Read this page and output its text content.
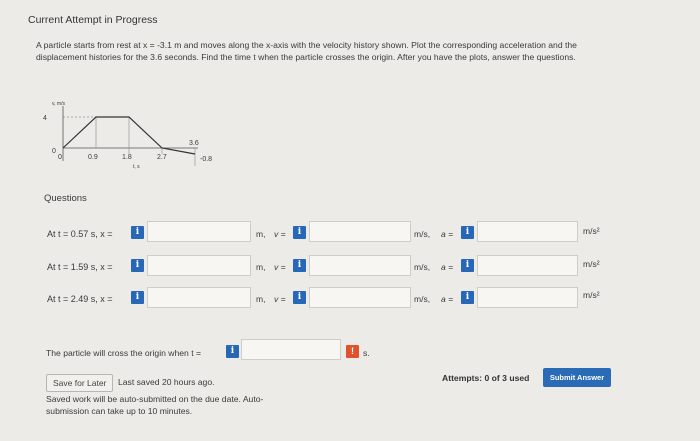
Current Attempt in Progress
A particle starts from rest at x = -3.1 m and moves along the x-axis with the velocity history shown. Plot the corresponding acceleration and the displacement histories for the 3.6 seconds. Find the time t when the particle crosses the origin. After you have the plots, answer the questions.
v, m/s
4
0
0	0.9	1.8	2.7
3.6
-0.8
t, s
Questions
At t = 0.57 s, x =	i	m, v =	i	m/s, a =	i	m/s²
At t = 1.59 s, x =	i	m, v =	i	m/s, a =	i	m/s²
At t = 2.49 s, x =	i	m, v =	i	m/s, a =	i	m/s²
The particle will cross the origin when t =	i	!	s.
Save for Later	Last saved 20 hours ago.
Saved work will be auto-submitted on the due date. Auto-submission can take up to 10 minutes.
Attempts: 0 of 3 used	Submit Answer
